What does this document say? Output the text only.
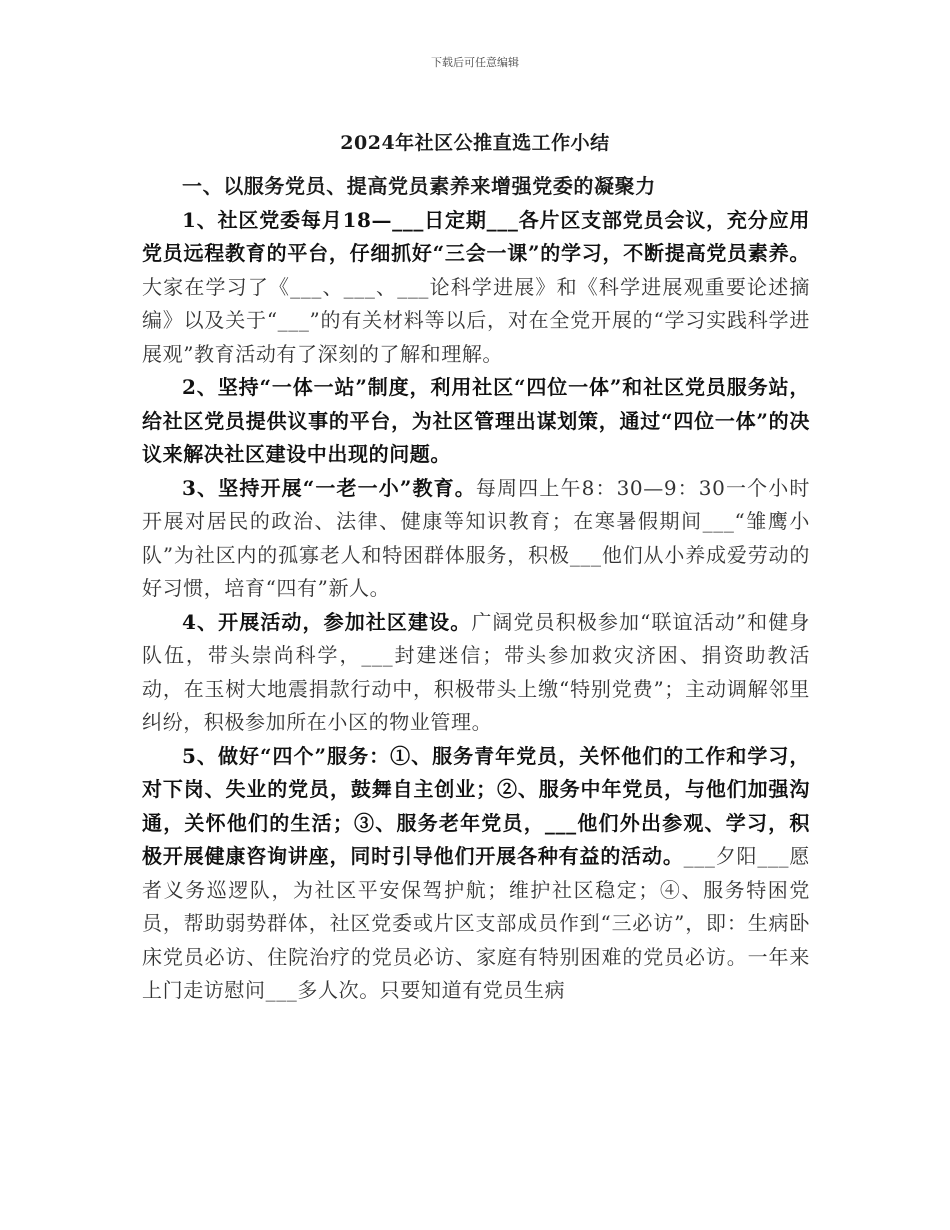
下载后可任意编辑
2024年社区公推直选工作小结

一、以服务党员、提高党员素养来增强党委的凝聚力

1、社区党委每月18—___日定期___各片区支部党员会议，充分应用党员远程教育的平台，仔细抓好“三会一课”的学习，不断提高党员素养。大家在学习了《___、___、___论科学进展》和《科学进展观重要论述摘编》以及关于“___”的有关材料等以后，对在全党开展的“学习实践科学进展观”教育活动有了深刻的了解和理解。

2、坚持“一体一站”制度，利用社区“四位一体”和社区党员服务站，给社区党员提供议事的平台，为社区管理出谋划策，通过“四位一体”的决议来解决社区建设中出现的问题。

3、坚持开展“一老一小”教育。每周四上午8：30—9：30一个小时开展对居民的政治、法律、健康等知识教育；在寒暑假期间___“雏鹰小队”为社区内的孤寡老人和特困群体服务，积极___他们从小养成爱劳动的好习惯，培育“四有”新人。

4、开展活动，参加社区建设。广阔党员积极参加“联谊活动”和健身队伍，带头崇尚科学，___封建迷信；带头参加救灾济困、捐资助教活动，在玉树大地震捐款行动中，积极带头上缴“特别党费”；主动调解邻里纠纷，积极参加所在小区的物业管理。

5、做好“四个”服务：①、服务青年党员，关怀他们的工作和学习，对下岗、失业的党员，鼓舞自主创业；②、服务中年党员，与他们加强沟通，关怀他们的生活；③、服务老年党员，___他们外出参观、学习，积极开展健康咨询讲座，同时引导他们开展各种有益的活动。___夕阳___愿者义务巡逻队，为社区平安保驾护航；维护社区稳定；④、服务特困党员，帮助弱势群体，社区党委或片区支部成员作到“三必访”，即：生病卧床党员必访、住院治疗的党员必访、家庭有特别困难的党员必访。一年来上门走访慰问___多人次。只要知道有党员生病
